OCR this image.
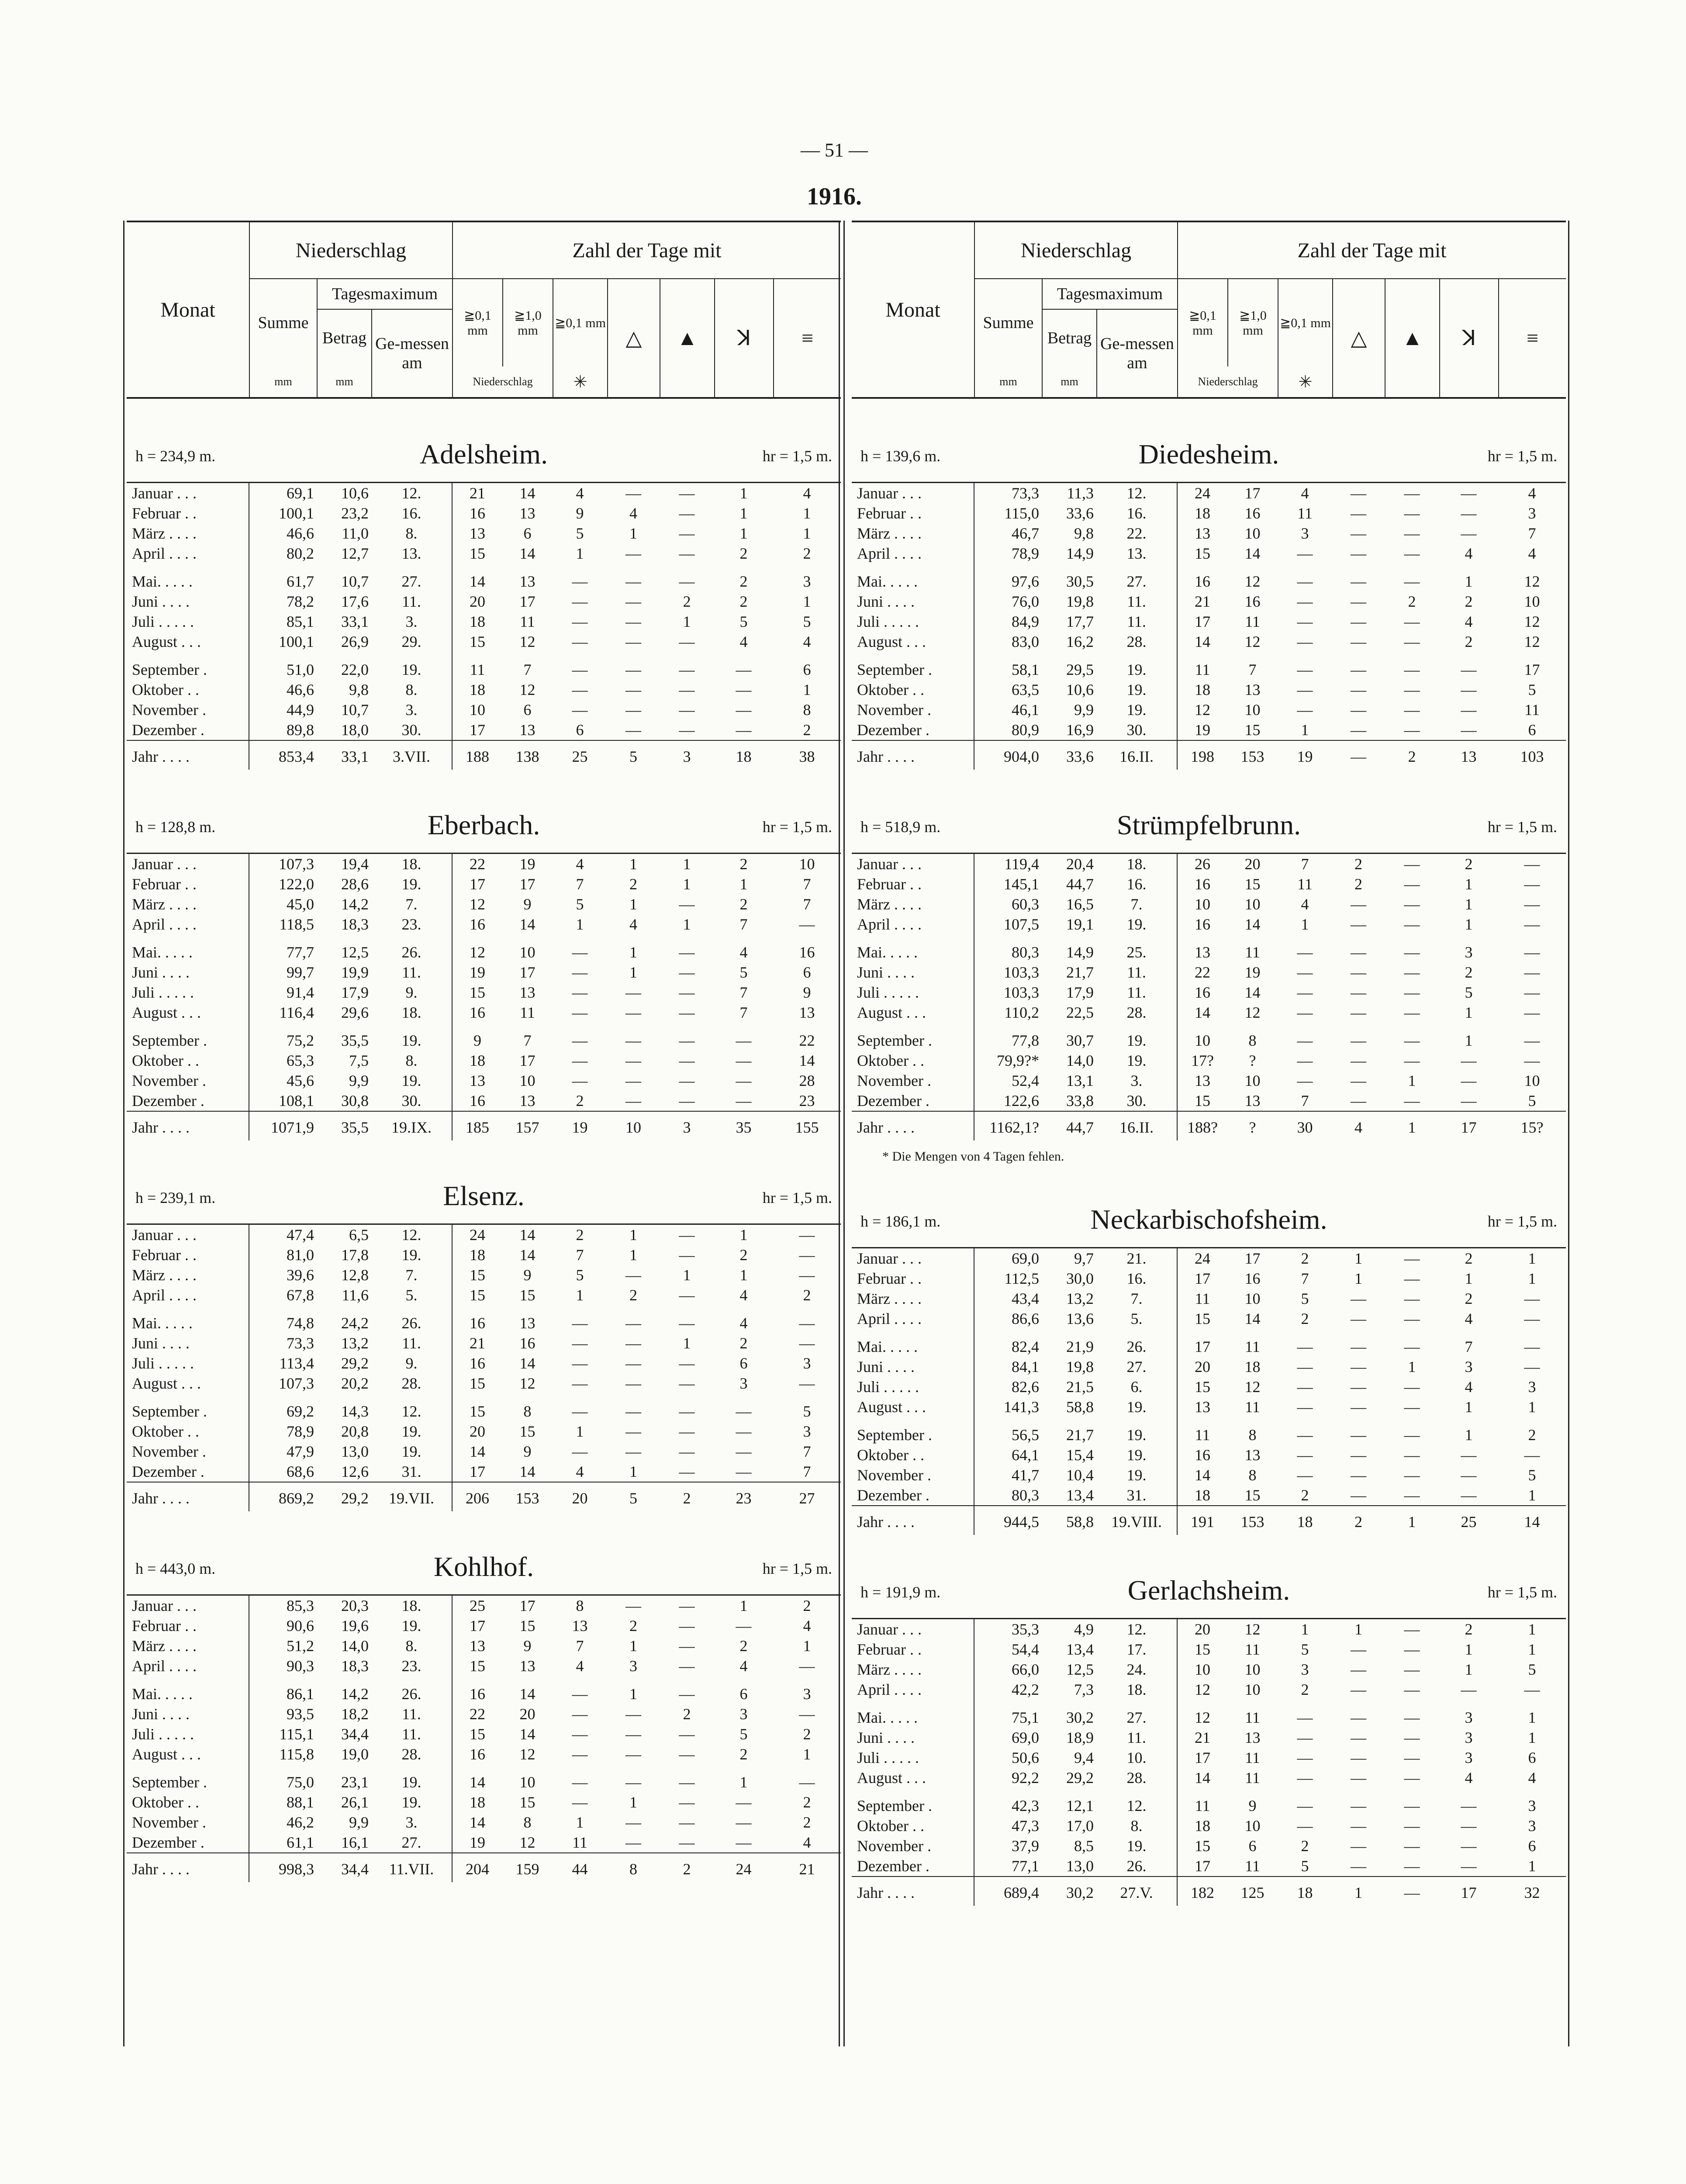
— 51 —
1916.
Monat
Niederschlag	Zahl der Tage mit
Summe
mm
Tagesmaximum
Betrag
mm
Ge-messen am
≧0,1 mm
≧1,0 mm
Niederschlag
≧0,1 mm
✳
△	▲	ꓘ	≡
h = 234,9 m.	Adelsheim.	hr = 1,5 m.
Januar . . .	69,1	10,6	12.	21	14	4	—	—	1	4
Februar . .	100,1	23,2	16.	16	13	9	4	—	1	1
März . . . .	46,6	11,0	8.	13	6	5	1	—	1	1
April . . . .	80,2	12,7	13.	15	14	1	—	—	2	2
Mai. . . . .	61,7	10,7	27.	14	13	—	—	—	2	3
Juni . . . .	78,2	17,6	11.	20	17	—	—	2	2	1
Juli . . . . .	85,1	33,1	3.	18	11	—	—	1	5	5
August . . .	100,1	26,9	29.	15	12	—	—	—	4	4
September .	51,0	22,0	19.	11	7	—	—	—	—	6
Oktober . .	46,6	9,8	8.	18	12	—	—	—	—	1
November .	44,9	10,7	3.	10	6	—	—	—	—	8
Dezember .	89,8	18,0	30.	17	13	6	—	—	—	2
Jahr . . . .	853,4	33,1	3.VII.	188	138	25	5	3	18	38
h = 128,8 m.	Eberbach.	hr = 1,5 m.
Januar . . .	107,3	19,4	18.	22	19	4	1	1	2	10
Februar . .	122,0	28,6	19.	17	17	7	2	1	1	7
März . . . .	45,0	14,2	7.	12	9	5	1	—	2	7
April . . . .	118,5	18,3	23.	16	14	1	4	1	7	—
Mai. . . . .	77,7	12,5	26.	12	10	—	1	—	4	16
Juni . . . .	99,7	19,9	11.	19	17	—	1	—	5	6
Juli . . . . .	91,4	17,9	9.	15	13	—	—	—	7	9
August . . .	116,4	29,6	18.	16	11	—	—	—	7	13
September .	75,2	35,5	19.	9	7	—	—	—	—	22
Oktober . .	65,3	7,5	8.	18	17	—	—	—	—	14
November .	45,6	9,9	19.	13	10	—	—	—	—	28
Dezember .	108,1	30,8	30.	16	13	2	—	—	—	23
Jahr . . . .	1071,9	35,5	19.IX.	185	157	19	10	3	35	155
h = 239,1 m.	Elsenz.	hr = 1,5 m.
Januar . . .	47,4	6,5	12.	24	14	2	1	—	1	—
Februar . .	81,0	17,8	19.	18	14	7	1	—	2	—
März . . . .	39,6	12,8	7.	15	9	5	—	1	1	—
April . . . .	67,8	11,6	5.	15	15	1	2	—	4	2
Mai. . . . .	74,8	24,2	26.	16	13	—	—	—	4	—
Juni . . . .	73,3	13,2	11.	21	16	—	—	1	2	—
Juli . . . . .	113,4	29,2	9.	16	14	—	—	—	6	3
August . . .	107,3	20,2	28.	15	12	—	—	—	3	—
September .	69,2	14,3	12.	15	8	—	—	—	—	5
Oktober . .	78,9	20,8	19.	20	15	1	—	—	—	3
November .	47,9	13,0	19.	14	9	—	—	—	—	7
Dezember .	68,6	12,6	31.	17	14	4	1	—	—	7
Jahr . . . .	869,2	29,2	19.VII.	206	153	20	5	2	23	27
h = 443,0 m.	Kohlhof.	hr = 1,5 m.
Januar . . .	85,3	20,3	18.	25	17	8	—	—	1	2
Februar . .	90,6	19,6	19.	17	15	13	2	—	—	4
März . . . .	51,2	14,0	8.	13	9	7	1	—	2	1
April . . . .	90,3	18,3	23.	15	13	4	3	—	4	—
Mai. . . . .	86,1	14,2	26.	16	14	—	1	—	6	3
Juni . . . .	93,5	18,2	11.	22	20	—	—	2	3	—
Juli . . . . .	115,1	34,4	11.	15	14	—	—	—	5	2
August . . .	115,8	19,0	28.	16	12	—	—	—	2	1
September .	75,0	23,1	19.	14	10	—	—	—	1	—
Oktober . .	88,1	26,1	19.	18	15	—	1	—	—	2
November .	46,2	9,9	3.	14	8	1	—	—	—	2
Dezember .	61,1	16,1	27.	19	12	11	—	—	—	4
Jahr . . . .	998,3	34,4	11.VII.	204	159	44	8	2	24	21
Monat
Niederschlag	Zahl der Tage mit
Summe
mm
Tagesmaximum
Betrag
mm
Ge-messen am
≧0,1 mm
≧1,0 mm
Niederschlag
≧0,1 mm
✳
△	▲	ꓘ	≡
h = 139,6 m.	Diedesheim.	hr = 1,5 m.
Januar . . .	73,3	11,3	12.	24	17	4	—	—	—	4
Februar . .	115,0	33,6	16.	18	16	11	—	—	—	3
März . . . .	46,7	9,8	22.	13	10	3	—	—	—	7
April . . . .	78,9	14,9	13.	15	14	—	—	—	4	4
Mai. . . . .	97,6	30,5	27.	16	12	—	—	—	1	12
Juni . . . .	76,0	19,8	11.	21	16	—	—	2	2	10
Juli . . . . .	84,9	17,7	11.	17	11	—	—	—	4	12
August . . .	83,0	16,2	28.	14	12	—	—	—	2	12
September .	58,1	29,5	19.	11	7	—	—	—	—	17
Oktober . .	63,5	10,6	19.	18	13	—	—	—	—	5
November .	46,1	9,9	19.	12	10	—	—	—	—	11
Dezember .	80,9	16,9	30.	19	15	1	—	—	—	6
Jahr . . . .	904,0	33,6	16.II.	198	153	19	—	2	13	103
h = 518,9 m.	Strümpfelbrunn.	hr = 1,5 m.
Januar . . .	119,4	20,4	18.	26	20	7	2	—	2	—
Februar . .	145,1	44,7	16.	16	15	11	2	—	1	—
März . . . .	60,3	16,5	7.	10	10	4	—	—	1	—
April . . . .	107,5	19,1	19.	16	14	1	—	—	1	—
Mai. . . . .	80,3	14,9	25.	13	11	—	—	—	3	—
Juni . . . .	103,3	21,7	11.	22	19	—	—	—	2	—
Juli . . . . .	103,3	17,9	11.	16	14	—	—	—	5	—
August . . .	110,2	22,5	28.	14	12	—	—	—	1	—
September .	77,8	30,7	19.	10	8	—	—	—	1	—
Oktober . .	79,9?*	14,0	19.	17?	?	—	—	—	—	—
November .	52,4	13,1	3.	13	10	—	—	1	—	10
Dezember .	122,6	33,8	30.	15	13	7	—	—	—	5
Jahr . . . .	1162,1?	44,7	16.II.	188?	?	30	4	1	17	15?
* Die Mengen von 4 Tagen fehlen.
h = 186,1 m.	Neckarbischofsheim.	hr = 1,5 m.
Januar . . .	69,0	9,7	21.	24	17	2	1	—	2	1
Februar . .	112,5	30,0	16.	17	16	7	1	—	1	1
März . . . .	43,4	13,2	7.	11	10	5	—	—	2	—
April . . . .	86,6	13,6	5.	15	14	2	—	—	4	—
Mai. . . . .	82,4	21,9	26.	17	11	—	—	—	7	—
Juni . . . .	84,1	19,8	27.	20	18	—	—	1	3	—
Juli . . . . .	82,6	21,5	6.	15	12	—	—	—	4	3
August . . .	141,3	58,8	19.	13	11	—	—	—	1	1
September .	56,5	21,7	19.	11	8	—	—	—	1	2
Oktober . .	64,1	15,4	19.	16	13	—	—	—	—	—
November .	41,7	10,4	19.	14	8	—	—	—	—	5
Dezember .	80,3	13,4	31.	18	15	2	—	—	—	1
Jahr . . . .	944,5	58,8	19.VIII.	191	153	18	2	1	25	14
h = 191,9 m.	Gerlachsheim.	hr = 1,5 m.
Januar . . .	35,3	4,9	12.	20	12	1	1	—	2	1
Februar . .	54,4	13,4	17.	15	11	5	—	—	1	1
März . . . .	66,0	12,5	24.	10	10	3	—	—	1	5
April . . . .	42,2	7,3	18.	12	10	2	—	—	—	—
Mai. . . . .	75,1	30,2	27.	12	11	—	—	—	3	1
Juni . . . .	69,0	18,9	11.	21	13	—	—	—	3	1
Juli . . . . .	50,6	9,4	10.	17	11	—	—	—	3	6
August . . .	92,2	29,2	28.	14	11	—	—	—	4	4
September .	42,3	12,1	12.	11	9	—	—	—	—	3
Oktober . .	47,3	17,0	8.	18	10	—	—	—	—	3
November .	37,9	8,5	19.	15	6	2	—	—	—	6
Dezember .	77,1	13,0	26.	17	11	5	—	—	—	1
Jahr . . . .	689,4	30,2	27.V.	182	125	18	1	—	17	32
